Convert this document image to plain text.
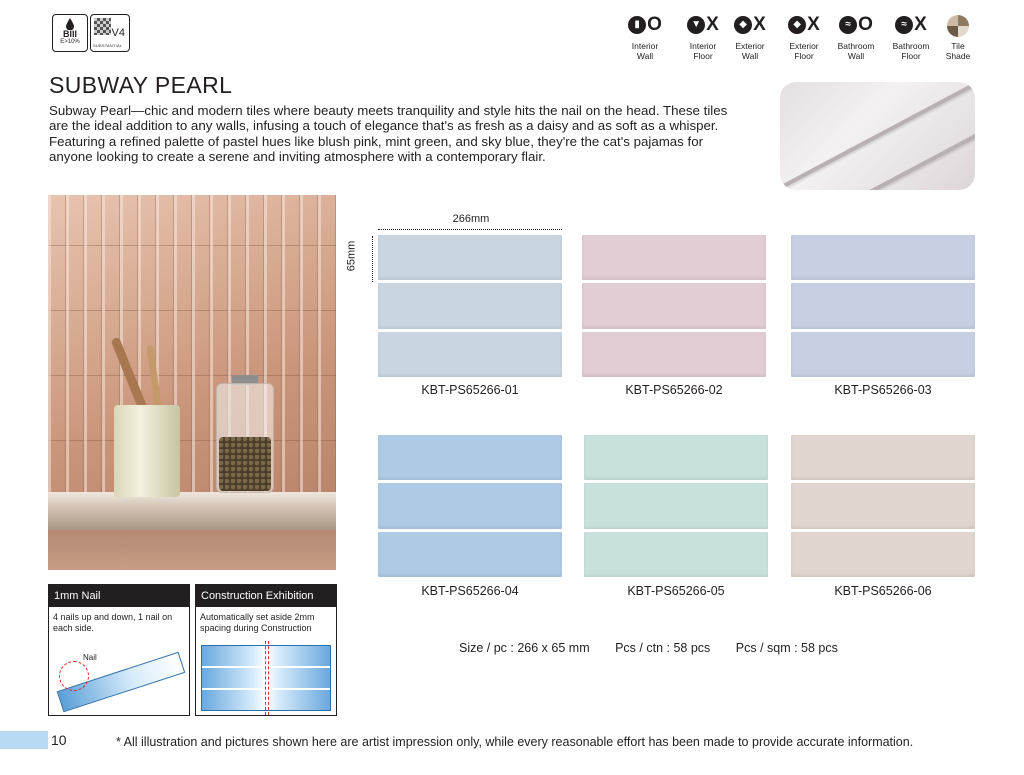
BIII
E>10%
V4
SUBSTANTIAL
▮ O
Interior
Wall
▼ X
Interior
Floor
◆ X
Exterior
Wall
◆ X
Exterior
Floor
≈ O
Bathroom
Wall
≈ X
Bathroom
Floor
Tile
Shade
SUBWAY PEARL

Subway Pearl—chic and modern tiles where beauty meets tranquility and style hits the nail on the head. These tiles are the ideal addition to any walls, infusing a touch of elegance that's as fresh as a daisy and as soft as a whisper. Featuring a refined palette of pastel hues like blush pink, mint green, and sky blue, they're the cat's pajamas for anyone looking to create a serene and inviting atmosphere with a contemporary flair.

266mm
65mm
KBT-PS65266-01	KBT-PS65266-02	KBT-PS65266-03
KBT-PS65266-04	KBT-PS65266-05	KBT-PS65266-06
1mm Nail
4 nails up and down, 1 nail on each side.
Nail
Construction Exhibition
Automatically set aside 2mm spacing during Construction
Size / pc : 266 x 65 mm Pcs / ctn : 58 pcs Pcs / sqm : 58 pcs
10	* All illustration and pictures shown here are artist impression only, while every reasonable effort has been made to provide accurate information.
